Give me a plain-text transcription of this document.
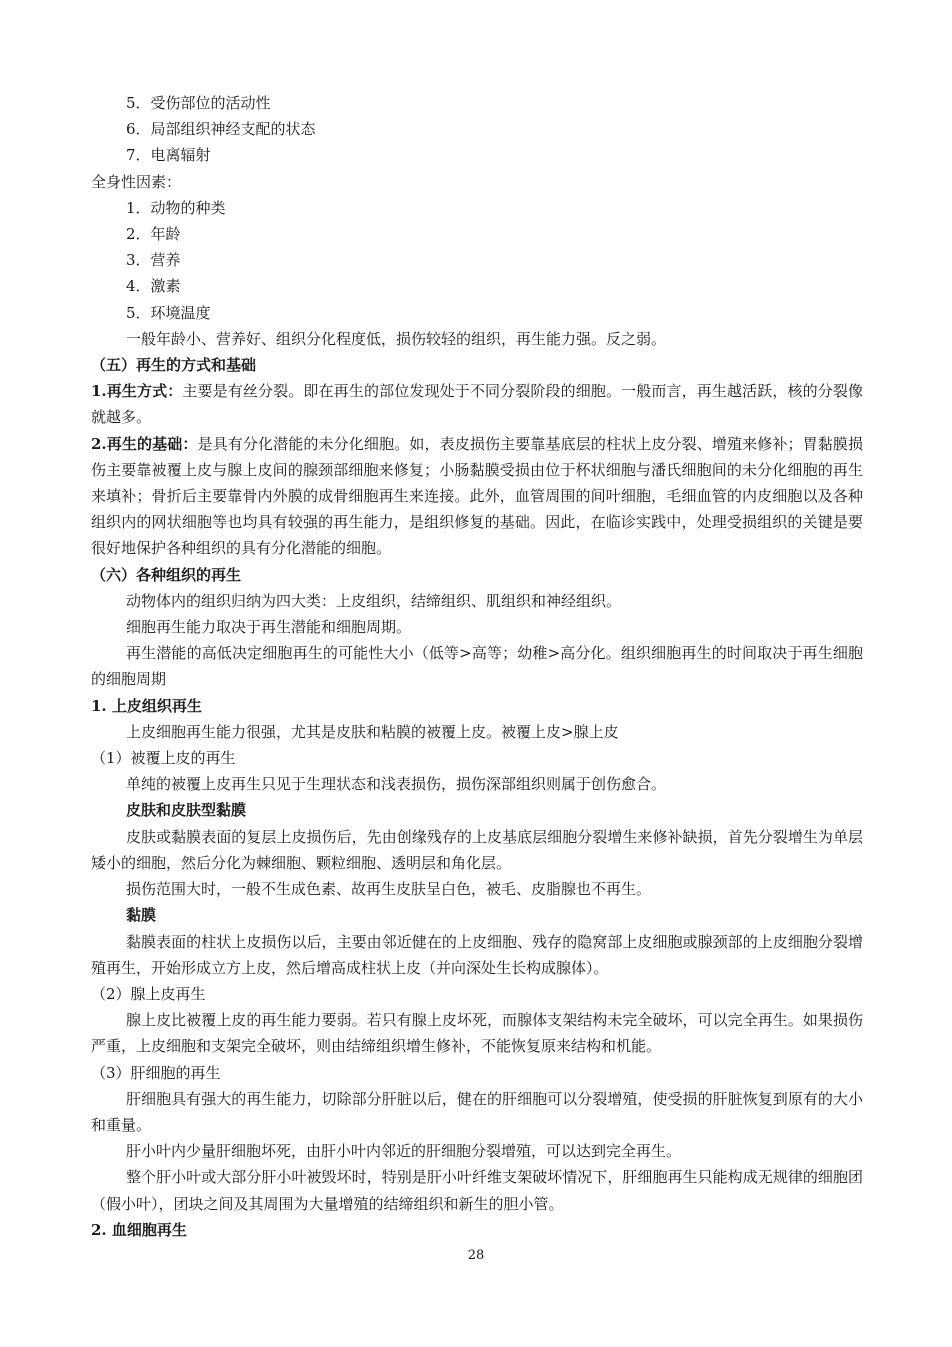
5．受伤部位的活动性

6．局部组织神经支配的状态

7．电离辐射

全身性因素：

1．动物的种类

2．年龄

3．营养

4．激素

5．环境温度

一般年龄小、营养好、组织分化程度低，损伤较轻的组织，再生能力强。反之弱。

（五）再生的方式和基础

1.再生方式：主要是有丝分裂。即在再生的部位发现处于不同分裂阶段的细胞。一般而言，再生越活跃，核的分裂像就越多。

2.再生的基础：是具有分化潜能的未分化细胞。如，表皮损伤主要靠基底层的柱状上皮分裂、增殖来修补；胃黏膜损伤主要靠被覆上皮与腺上皮间的腺颈部细胞来修复；小肠黏膜受损由位于杯状细胞与潘氏细胞间的未分化细胞的再生来填补；骨折后主要靠骨内外膜的成骨细胞再生来连接。此外，血管周围的间叶细胞，毛细血管的内皮细胞以及各种组织内的网状细胞等也均具有较强的再生能力，是组织修复的基础。因此，在临诊实践中，处理受损组织的关键是要很好地保护各种组织的具有分化潜能的细胞。

（六）各种组织的再生

动物体内的组织归纳为四大类：上皮组织，结缔组织、肌组织和神经组织。

细胞再生能力取决于再生潜能和细胞周期。

再生潜能的高低决定细胞再生的可能性大小（低等>高等；幼稚>高分化。组织细胞再生的时间取决于再生细胞的细胞周期

1. 上皮组织再生

上皮细胞再生能力很强，尤其是皮肤和粘膜的被覆上皮。被覆上皮>腺上皮

（1）被覆上皮的再生

单纯的被覆上皮再生只见于生理状态和浅表损伤，损伤深部组织则属于创伤愈合。

皮肤和皮肤型黏膜

皮肤或黏膜表面的复层上皮损伤后，先由创缘残存的上皮基底层细胞分裂增生来修补缺损，首先分裂增生为单层矮小的细胞，然后分化为棘细胞、颗粒细胞、透明层和角化层。

损伤范围大时，一般不生成色素、故再生皮肤呈白色，被毛、皮脂腺也不再生。

黏膜

黏膜表面的柱状上皮损伤以后，主要由邻近健在的上皮细胞、残存的隐窝部上皮细胞或腺颈部的上皮细胞分裂增殖再生，开始形成立方上皮，然后增高成柱状上皮（并向深处生长构成腺体）。

（2）腺上皮再生

腺上皮比被覆上皮的再生能力要弱。若只有腺上皮坏死，而腺体支架结构未完全破坏，可以完全再生。如果损伤严重，上皮细胞和支架完全破坏，则由结缔组织增生修补，不能恢复原来结构和机能。

（3）肝细胞的再生

肝细胞具有强大的再生能力，切除部分肝脏以后，健在的肝细胞可以分裂增殖，使受损的肝脏恢复到原有的大小和重量。

肝小叶内少量肝细胞坏死，由肝小叶内邻近的肝细胞分裂增殖，可以达到完全再生。

整个肝小叶或大部分肝小叶被毁坏时，特别是肝小叶纤维支架破坏情况下，肝细胞再生只能构成无规律的细胞团（假小叶），团块之间及其周围为大量增殖的结缔组织和新生的胆小管。

2. 血细胞再生

28
